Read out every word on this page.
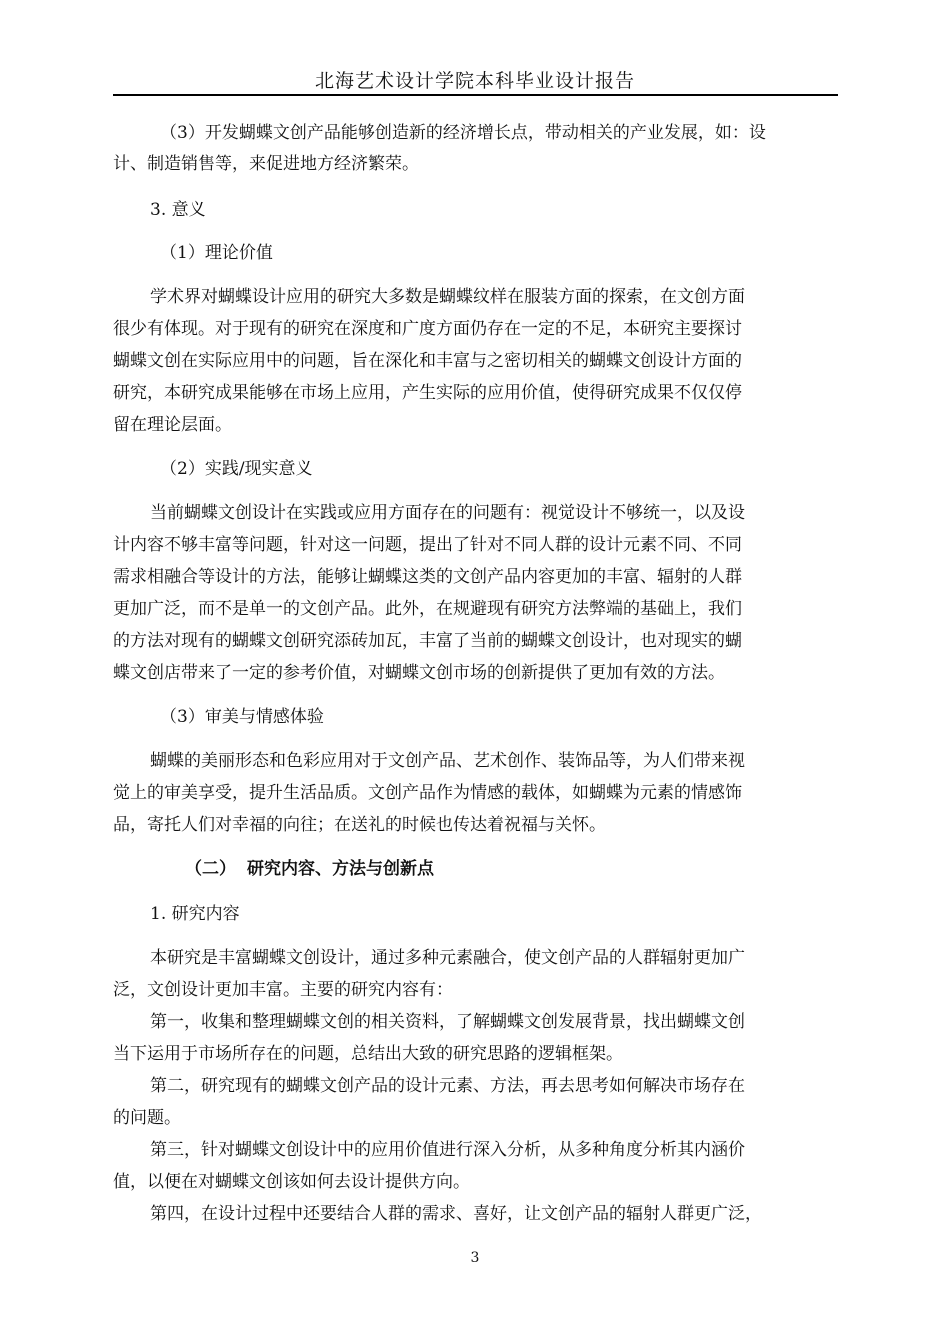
北海艺术设计学院本科毕业设计报告
（3）开发蝴蝶文创产品能够创造新的经济增长点，带动相关的产业发展，如：设
计、制造销售等，来促进地方经济繁荣。
3. 意义
（1）理论价值
学术界对蝴蝶设计应用的研究大多数是蝴蝶纹样在服装方面的探索，在文创方面
很少有体现。对于现有的研究在深度和广度方面仍存在一定的不足，本研究主要探讨
蝴蝶文创在实际应用中的问题，旨在深化和丰富与之密切相关的蝴蝶文创设计方面的
研究，本研究成果能够在市场上应用，产生实际的应用价值，使得研究成果不仅仅停
留在理论层面。
（2）实践/现实意义
当前蝴蝶文创设计在实践或应用方面存在的问题有：视觉设计不够统一，以及设
计内容不够丰富等问题，针对这一问题，提出了针对不同人群的设计元素不同、不同
需求相融合等设计的方法，能够让蝴蝶这类的文创产品内容更加的丰富、辐射的人群
更加广泛，而不是单一的文创产品。此外，在规避现有研究方法弊端的基础上，我们
的方法对现有的蝴蝶文创研究添砖加瓦，丰富了当前的蝴蝶文创设计，也对现实的蝴
蝶文创店带来了一定的参考价值，对蝴蝶文创市场的创新提供了更加有效的方法。
（3）审美与情感体验
蝴蝶的美丽形态和色彩应用对于文创产品、艺术创作、装饰品等，为人们带来视
觉上的审美享受，提升生活品质。文创产品作为情感的载体，如蝴蝶为元素的情感饰
品，寄托人们对幸福的向往；在送礼的时候也传达着祝福与关怀。
（二） 研究内容、方法与创新点
1. 研究内容
本研究是丰富蝴蝶文创设计，通过多种元素融合，使文创产品的人群辐射更加广
泛，文创设计更加丰富。主要的研究内容有：
第一，收集和整理蝴蝶文创的相关资料，了解蝴蝶文创发展背景，找出蝴蝶文创
当下运用于市场所存在的问题，总结出大致的研究思路的逻辑框架。
第二，研究现有的蝴蝶文创产品的设计元素、方法，再去思考如何解决市场存在
的问题。
第三，针对蝴蝶文创设计中的应用价值进行深入分析，从多种角度分析其内涵价
值，以便在对蝴蝶文创该如何去设计提供方向。
第四，在设计过程中还要结合人群的需求、喜好，让文创产品的辐射人群更广泛，
3
